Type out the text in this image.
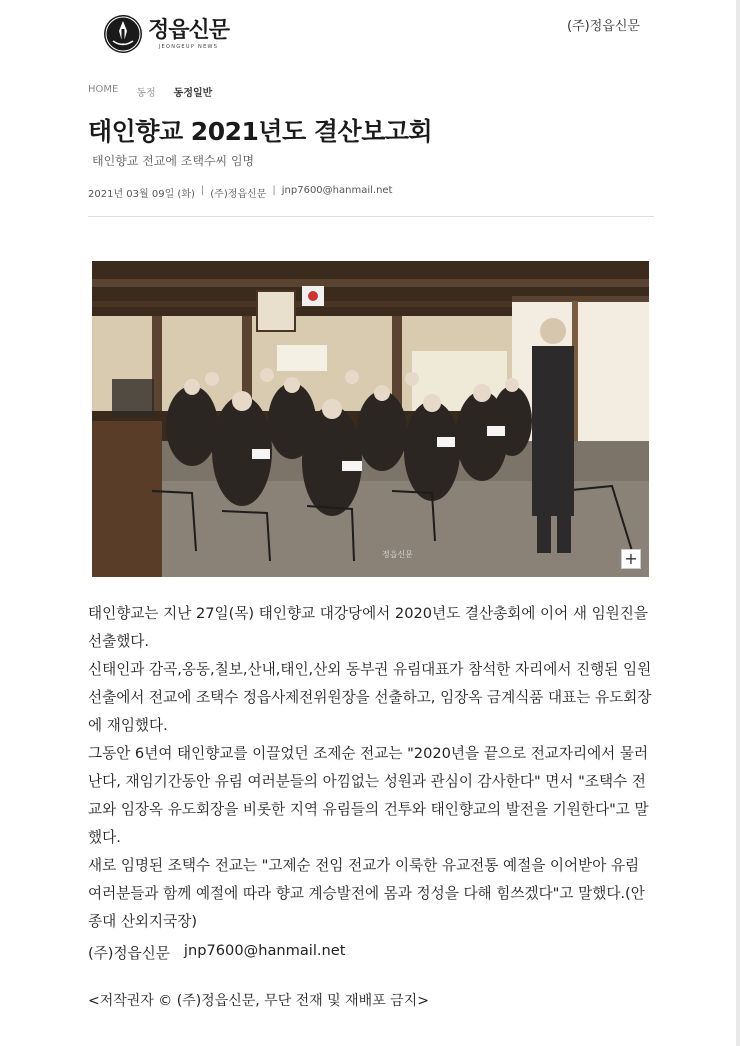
정읍신문
JEONGEUP NEWS
(주)정읍신문
HOME 동정 동정일반
태인향교 2021년도 결산보고회
태인향교 전교에 조택수씨 임명
2021년 03월 09일 (화) | (주)정읍신문 | jnp7600@hanmail.net
정읍신문	+

태인향교는 지난 27일(목) 태인향교 대강당에서 2020년도 결산총회에 이어 새 임원진을 선출했다.

신태인과 감곡,옹동,칠보,산내,태인,산외 동부권 유림대표가 참석한 자리에서 진행된 임원선출에서 전교에 조택수 정읍사제전위원장을 선출하고, 임장옥 금계식품 대표는 유도회장에 재임했다.

그동안 6년여 태인향교를 이끌었던 조제순 전교는 "2020년을 끝으로 전교자리에서 물러난다, 재임기간동안 유림 여러분들의 아낌없는 성원과 관심이 감사한다" 면서 "조택수 전교와 임장옥 유도회장을 비롯한 지역 유림들의 건투와 태인향교의 발전을 기원한다"고 말했다.

새로 임명된 조택수 전교는 "고제순 전임 전교가 이룩한 유교전통 예절을 이어받아 유림 여러분들과 함께 예절에 따라 향교 계승발전에 몸과 정성을 다해 힘쓰겠다"고 말했다.(안종대 산외지국장)

(주)정읍신문 jnp7600@hanmail.net
<저작권자 © (주)정읍신문, 무단 전재 및 재배포 금지>
